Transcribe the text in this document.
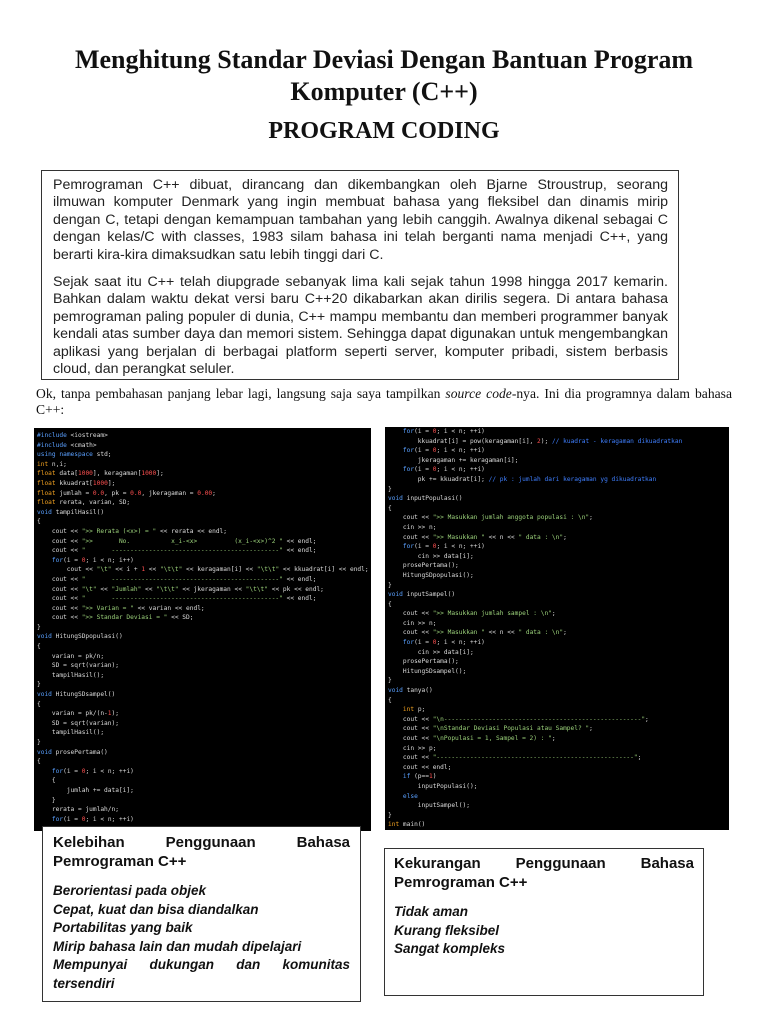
Menghitung Standar Deviasi Dengan Bantuan Program Komputer (C++)
PROGRAM CODING

Pemrograman C++ dibuat, dirancang dan dikembangkan oleh Bjarne Stroustrup, seorang ilmuwan komputer Denmark yang ingin membuat bahasa yang fleksibel dan dinamis mirip dengan C, tetapi dengan kemampuan tambahan yang lebih canggih. Awalnya dikenal sebagai C dengan kelas/C with classes, 1983 silam bahasa ini telah berganti nama menjadi C++, yang berarti kira-kira dimaksudkan satu lebih tinggi dari C.

Sejak saat itu C++ telah diupgrade sebanyak lima kali sejak tahun 1998 hingga 2017 kemarin. Bahkan dalam waktu dekat versi baru C++20 dikabarkan akan dirilis segera. Di antara bahasa pemrograman paling populer di dunia, C++ mampu membantu dan memberi programmer banyak kendali atas sumber daya dan memori sistem. Sehingga dapat digunakan untuk mengembangkan aplikasi yang berjalan di berbagai platform seperti server, komputer pribadi, sistem berbasis cloud, dan perangkat seluler.

Ok, tanpa pembahasan panjang lebar lagi, langsung saja saya tampilkan source code-nya. Ini dia programnya dalam bahasa C++:
#include <iostream>
#include <cmath>
using namespace std;
int n,i;
float data[1000], keragaman[1000];
float kkuadrat[1000];
float jumlah = 0.0, pk = 0.0, jkeragaman = 0.00;
float rerata, varian, SD;
void tampilHasil()
{
cout << ">> Rerata (<x>) = " << rerata << endl;
cout << ">>       No.           x_i-<x>          (x_i-<x>)^2 " << endl;
cout << "       ---------------------------------------------" << endl;
for(i = 0; i < n; i++)
cout << "\t" << i + 1 << "\t\t" << keragaman[i] << "\t\t" << kkuadrat[i] << endl;
cout << "       ---------------------------------------------" << endl;
cout << "\t" << "Jumlah" << "\t\t" << jkeragaman << "\t\t" << pk << endl;
cout << "       ---------------------------------------------" << endl;
cout << ">> Varian = " << varian << endl;
cout << ">> Standar Deviasi = " << SD;
}
void HitungSDpopulasi()
{
varian = pk/n;
SD = sqrt(varian);
tampilHasil();
}
void HitungSDsampel()
{
varian = pk/(n-1);
SD = sqrt(varian);
tampilHasil();
}
void prosePertama()
{
for(i = 0; i < n; ++i)
{
jumlah += data[i];
}
rerata = jumlah/n;
for(i = 0; i < n; ++i)
for(i = 0; i < n; ++i)
kkuadrat[i] = pow(keragaman[i], 2); // kuadrat - keragaman dikuadratkan
for(i = 0; i < n; ++i)
jkeragaman += keragaman[i];
for(i = 0; i < n; ++i)
pk += kkuadrat[i]; // pk : jumlah dari keragaman yg dikuadratkan
}
void inputPopulasi()
{
cout << ">> Masukkan jumlah anggota populasi : \n";
cin >> n;
cout << ">> Masukkan " << n << " data : \n";
for(i = 0; i < n; ++i)
cin >> data[i];
prosePertama();
HitungSDpopulasi();
}
void inputSampel()
{
cout << ">> Masukkan jumlah sampel : \n";
cin >> n;
cout << ">> Masukkan " << n << " data : \n";
for(i = 0; i < n; ++i)
cin >> data[i];
prosePertama();
HitungSDsampel();
}
void tanya()
{
int p;
cout << "\n-----------------------------------------------------";
cout << "\nStandar Deviasi Populasi atau Sampel? ";
cout << "\nPopulasi = 1, Sampel = 2) : ";
cin >> p;
cout << "-----------------------------------------------------";
cout << endl;
if (p==1)
inputPopulasi();
else
inputSampel();
}
int main()

Kelebihan Penggunaan Bahasa Pemrograman C++
Berorientasi pada objek
Cepat, kuat dan bisa diandalkan
Portabilitas yang baik
Mirip bahasa lain dan mudah dipelajari
Mempunyai dukungan dan komunitas tersendiri
Kekurangan Penggunaan Bahasa Pemrograman C++
Tidak aman
Kurang fleksibel
Sangat kompleks
